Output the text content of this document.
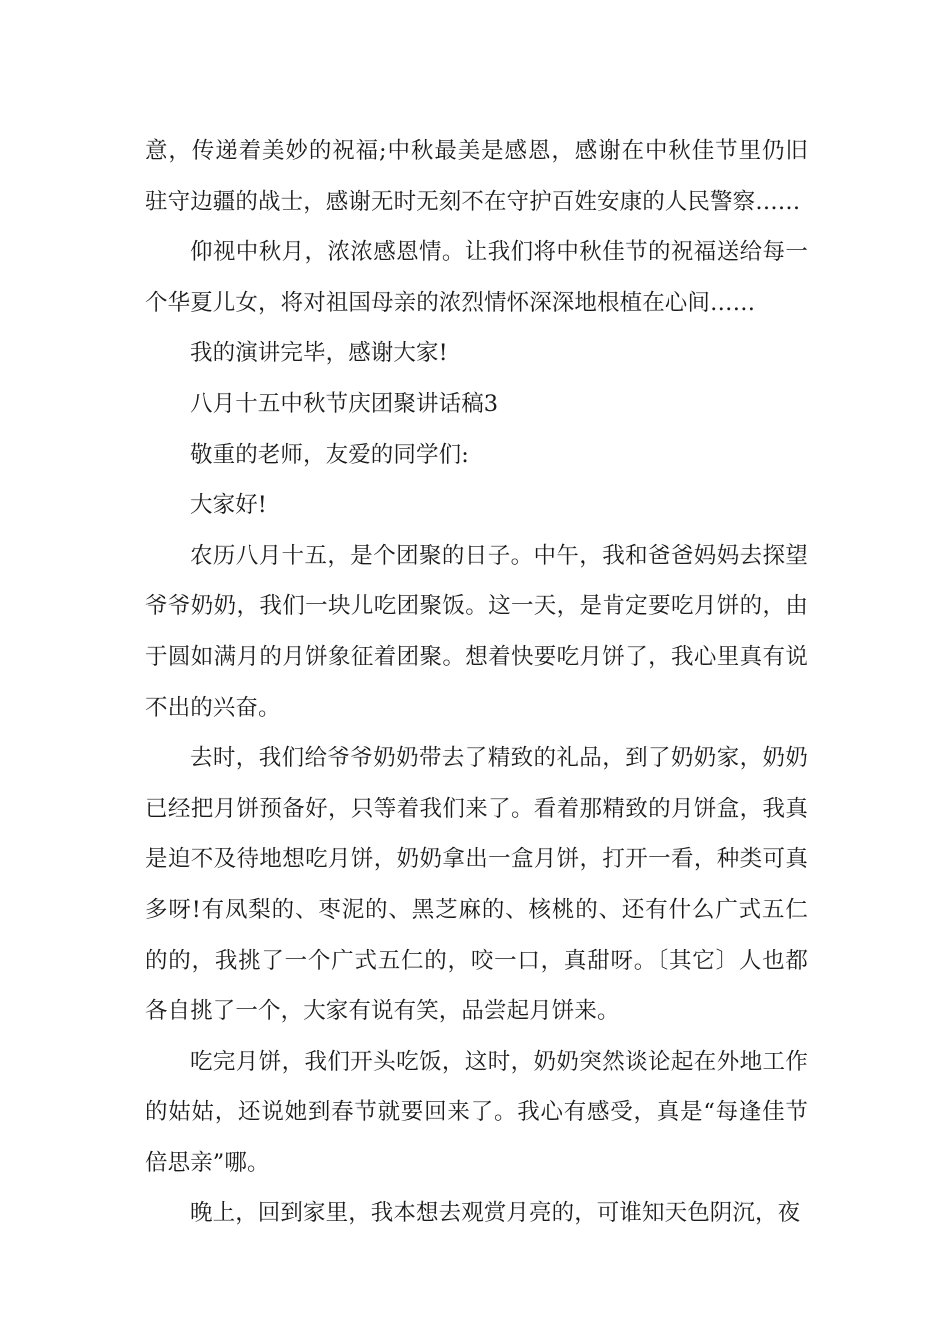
意，传递着美妙的祝福;中秋最美是感恩，感谢在中秋佳节里仍旧驻守边疆的战士，感谢无时无刻不在守护百姓安康的人民警察……

仰视中秋月，浓浓感恩情。让我们将中秋佳节的祝福送给每一个华夏儿女，将对祖国母亲的浓烈情怀深深地根植在心间……

我的演讲完毕，感谢大家!

八月十五中秋节庆团聚讲话稿3

敬重的老师，友爱的同学们:

大家好!

农历八月十五，是个团聚的日子。中午，我和爸爸妈妈去探望爷爷奶奶，我们一块儿吃团聚饭。这一天，是肯定要吃月饼的，由于圆如满月的月饼象征着团聚。想着快要吃月饼了，我心里真有说不出的兴奋。

去时，我们给爷爷奶奶带去了精致的礼品，到了奶奶家，奶奶已经把月饼预备好，只等着我们来了。看着那精致的月饼盒，我真是迫不及待地想吃月饼，奶奶拿出一盒月饼，打开一看，种类可真多呀!有凤梨的、枣泥的、黑芝麻的、核桃的、还有什么广式五仁的的，我挑了一个广式五仁的，咬一口，真甜呀。〔其它〕人也都各自挑了一个，大家有说有笑，品尝起月饼来。

吃完月饼，我们开头吃饭，这时，奶奶突然谈论起在外地工作的姑姑，还说她到春节就要回来了。我心有感受，真是“每逢佳节倍思亲”哪。

晚上，回到家里，我本想去观赏月亮的，可谁知天色阴沉，夜
